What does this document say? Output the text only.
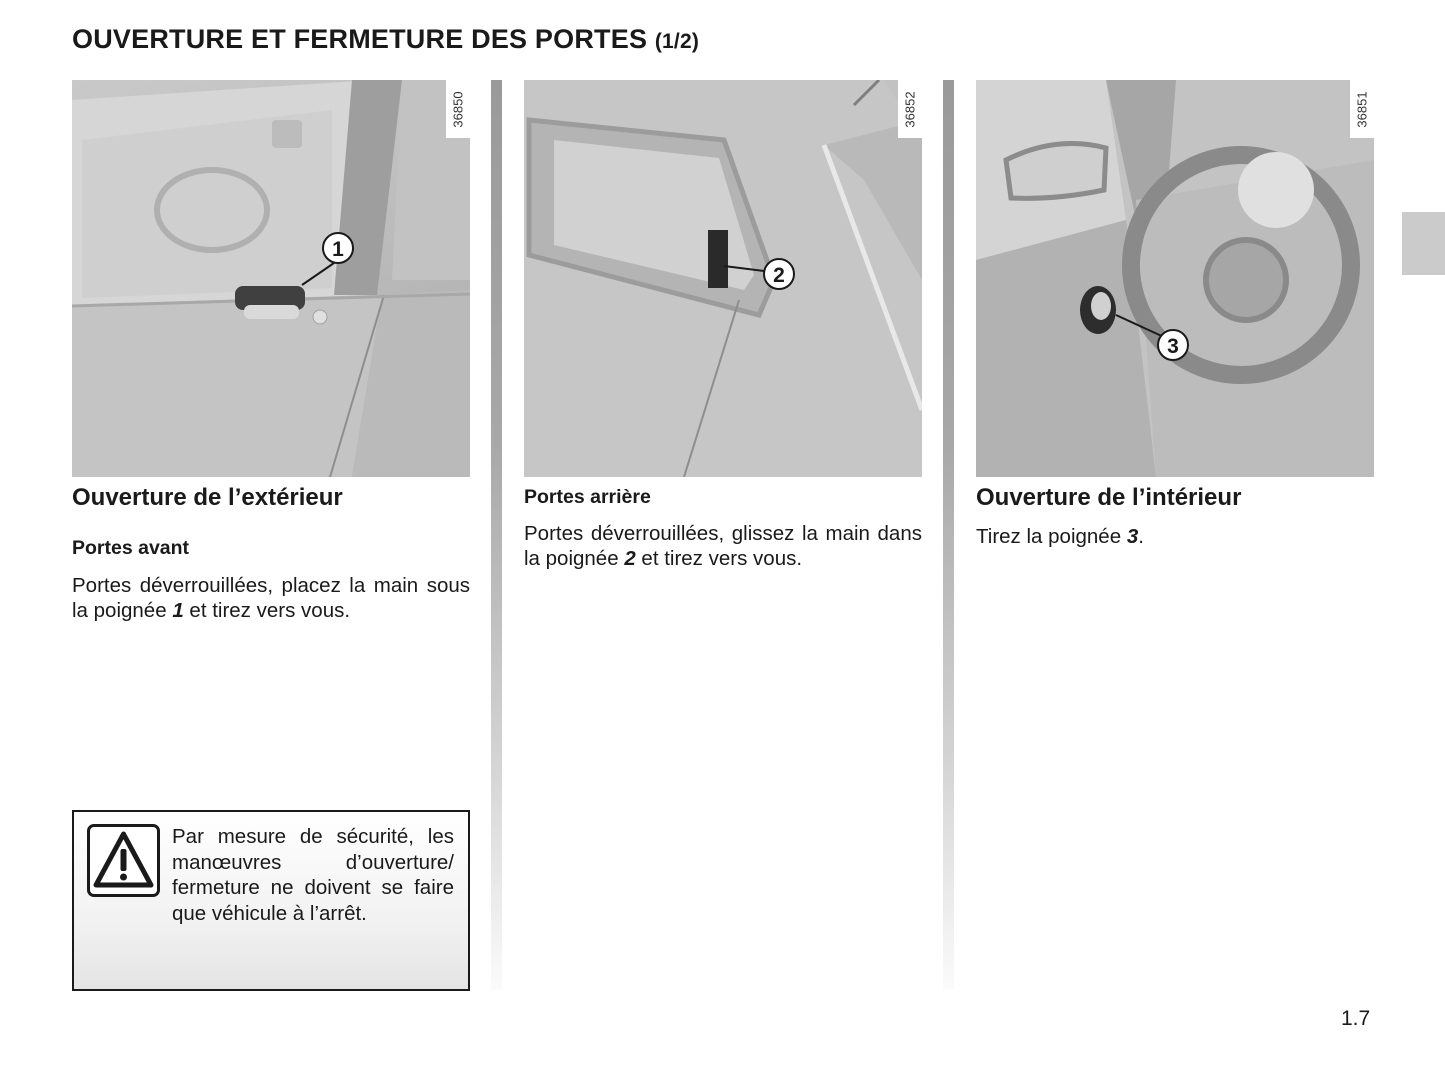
OUVERTURE ET FERMETURE DES PORTES (1/2)
1
36850
Ouverture de l’extérieur
Portes avant

Portes déverrouillées, placez la main sous la poignée 1 et tirez vers vous.

2
36852
Portes arrière

Portes déverrouillées, glissez la main dans la poignée 2 et tirez vers vous.

3
36851
Ouverture de l’intérieur

Tirez la poignée 3.

Par mesure de sécurité, les manœuvres d’ouverture/ fermeture ne doivent se faire que véhicule à l’arrêt.

1.7
